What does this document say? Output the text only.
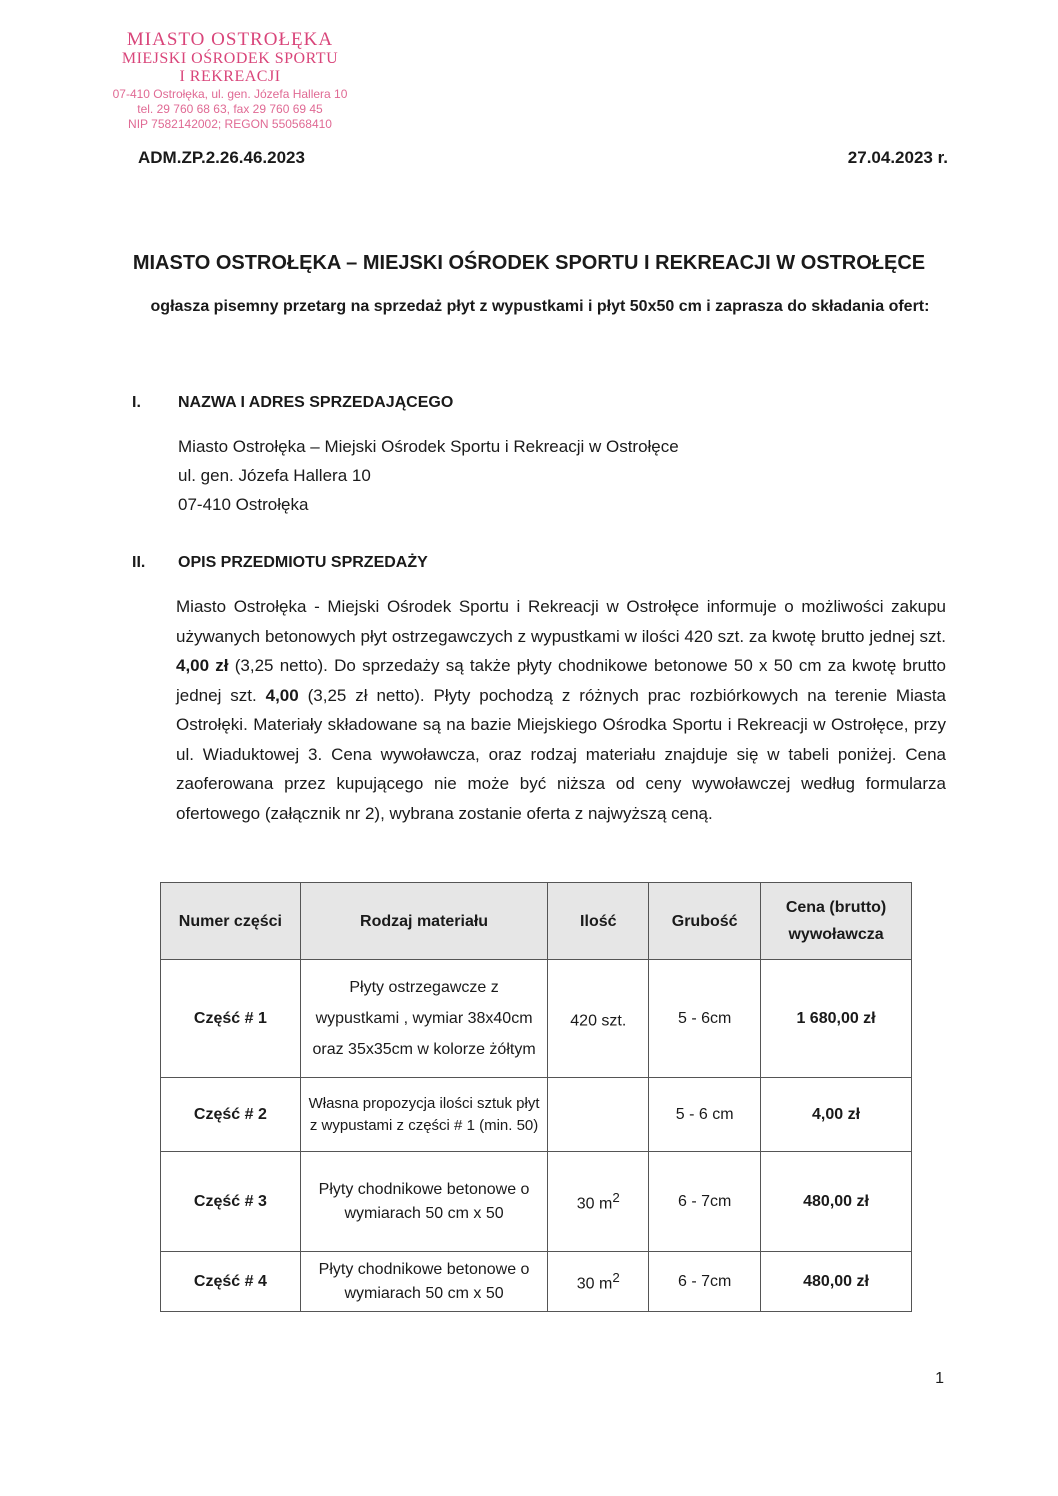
MIASTO OSTROŁĘKA
MIEJSKI OŚRODEK SPORTU
I REKREACJI
07-410 Ostrołęka, ul. gen. Józefa Hallera 10
tel. 29 760 68 63, fax 29 760 69 45
NIP 7582142002; REGON 550568410
ADM.ZP.2.26.46.2023	27.04.2023 r.
MIASTO OSTROŁĘKA – MIEJSKI OŚRODEK SPORTU I REKREACJI W OSTROŁĘCE
ogłasza pisemny przetarg na sprzedaż płyt z wypustkami i płyt 50x50 cm i zaprasza do składania ofert:
I. NAZWA I ADRES SPRZEDAJĄCEGO
Miasto Ostrołęka – Miejski Ośrodek Sportu i Rekreacji w Ostrołęce
ul. gen. Józefa Hallera 10
07-410 Ostrołęka
II. OPIS PRZEDMIOTU SPRZEDAŻY
Miasto Ostrołęka - Miejski Ośrodek Sportu i Rekreacji w Ostrołęce informuje o możliwości zakupu używanych betonowych płyt ostrzegawczych z wypustkami w ilości 420 szt. za kwotę brutto jednej szt. 4,00 zł (3,25 netto). Do sprzedaży są także płyty chodnikowe betonowe 50 x 50 cm za kwotę brutto jednej szt. 4,00 (3,25 zł netto). Płyty pochodzą z różnych prac rozbiórkowych na terenie Miasta Ostrołęki. Materiały składowane są na bazie Miejskiego Ośrodka Sportu i Rekreacji w Ostrołęce, przy ul. Wiaduktowej 3. Cena wywoławcza, oraz rodzaj materiału znajduje się w tabeli poniżej. Cena zaoferowana przez kupującego nie może być niższa od ceny wywoławczej według formularza ofertowego (załącznik nr 2), wybrana zostanie oferta z najwyższą ceną.
Numer części	Rodzaj materiału	Ilość	Grubość	Cena (brutto)
wywoławcza
Część # 1	Płyty ostrzegawcze z wypustkami , wymiar 38x40cm oraz 35x35cm w kolorze żółtym	420 szt.	5 - 6cm	1 680,00 zł
Część # 2	Własna propozycja ilości sztuk płyt z wypustami z części # 1 (min. 50)		5 - 6 cm	4,00 zł
Część # 3	Płyty chodnikowe betonowe o wymiarach 50 cm x 50	30 $m^2$	6 - 7cm	480,00 zł
Część # 4	Płyty chodnikowe betonowe o wymiarach 50 cm x 50	30 $m^2$	6 - 7cm	480,00 zł
1
